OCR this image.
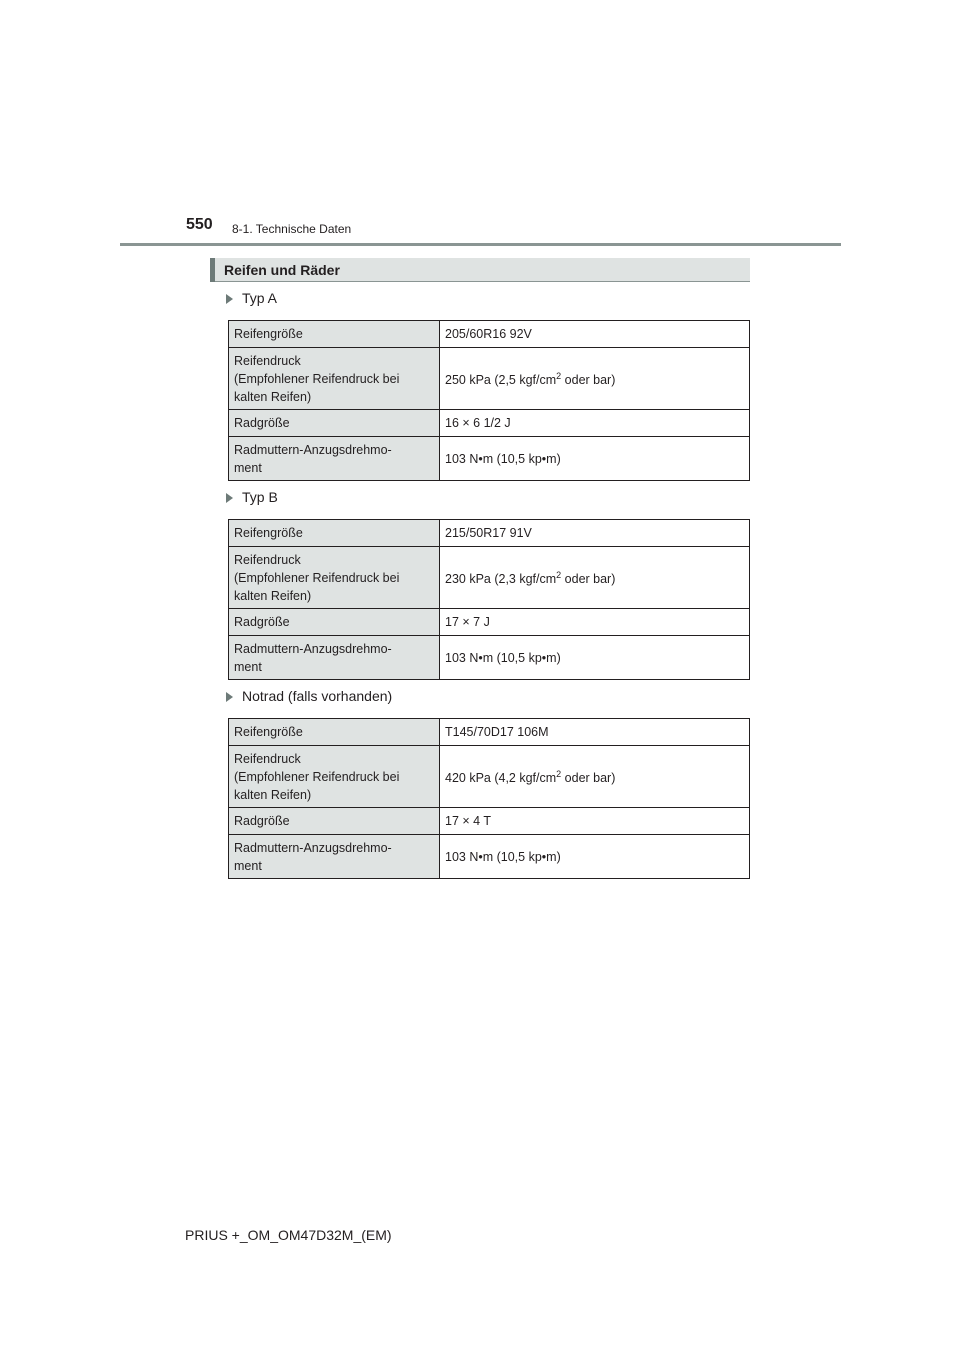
550 8-1. Technische Daten
Reifen und Räder
Typ A
Reifengröße	205/60R16 92V
Reifendruck
(Empfohlener Reifendruck bei
kalten Reifen)	250 kPa (2,5 kgf/$cm^2$ oder bar)
Radgröße	16 × 6 1/2 J
Radmuttern-Anzugsdrehmo-
ment	103 N•m (10,5 kp•m)
Typ B
Reifengröße	215/50R17 91V
Reifendruck
(Empfohlener Reifendruck bei
kalten Reifen)	230 kPa (2,3 kgf/$cm^2$ oder bar)
Radgröße	17 × 7 J
Radmuttern-Anzugsdrehmo-
ment	103 N•m (10,5 kp•m)
Notrad (falls vorhanden)
Reifengröße	T145/70D17 106M
Reifendruck
(Empfohlener Reifendruck bei
kalten Reifen)	420 kPa (4,2 kgf/$cm^2$ oder bar)
Radgröße	17 × 4 T
Radmuttern-Anzugsdrehmo-
ment	103 N•m (10,5 kp•m)
PRIUS +_OM_OM47D32M_(EM)
